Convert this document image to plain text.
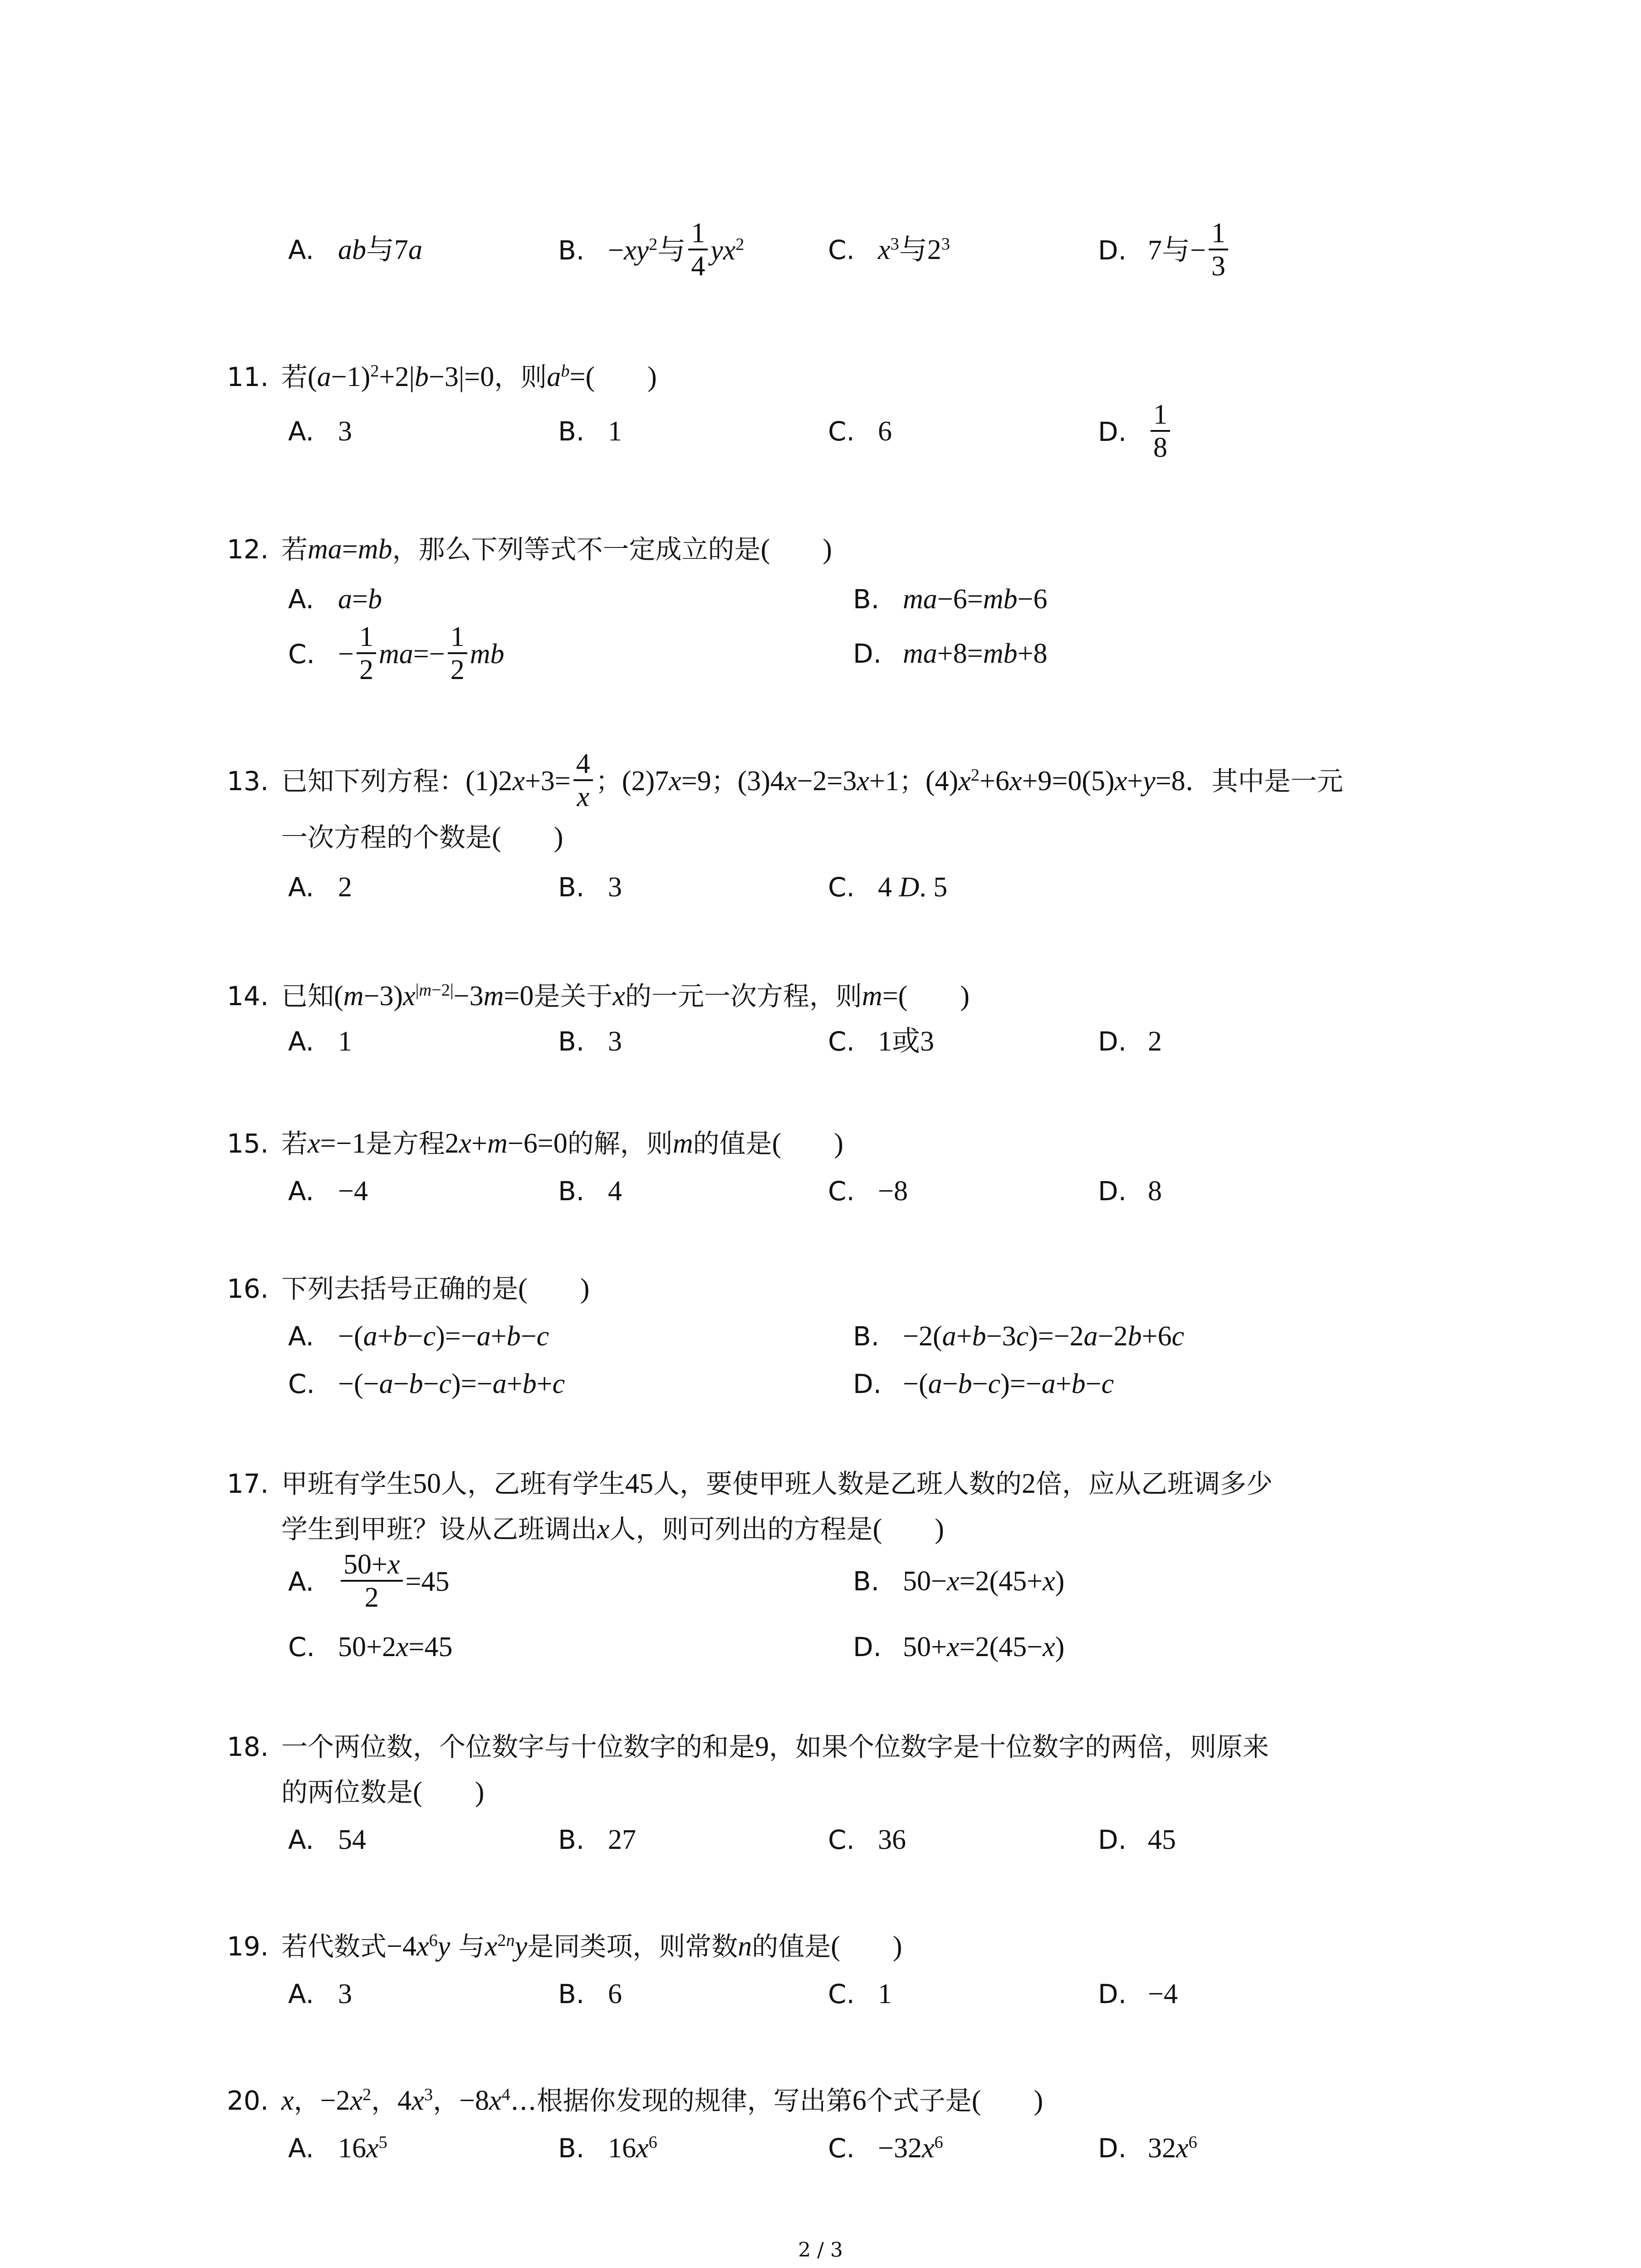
A. ab与7a	B. $-xy^2$与 $\frac{1}{4} yx^2$	C. $x^3$与$2^3$	D. 7与− $\frac{1}{3}$
11. 若$(a-1)^2+2|b-3|=0$，则$a^b=$(　　 )
A. 3	B. 1	C. 6	D. $\frac{1}{8}$
12. 若ma=mb，那么下列等式不一定成立的是(　　 )
A. a=b	B. ma−6=mb−6
C. − $\frac{1}{2} ma=- \frac{1}{2}$ mb	D. ma+8=mb+8
13. 已知下列方程：$(1)2x+3= \frac{4}{x}$ ；(2)7x=9；(3)4x−2=3x+1；$(4)x^2+6x+9=0(5)x+y=8$．其中是一元
一次方程的个数是(　　 )
A. 2	B. 3	C. 4 D. 5
14. 已知$(m-3)x^{|m-2|}-3m=0$是关于x的一元一次方程，则m=(　　 )
A. 1	B. 3	C. 1或3	D. 2
15. 若x=−1是方程2x+m−6=0的解，则m的值是(　　 )
A. −4	B. 4	C. −8	D. 8
16. 下列去括号正确的是(　　 )
A. −(a+b−c)=−a+b−c	B. −2(a+b−3c)=−2a−2b+6c
C. −(−a−b−c)=−a+b+c	D. −(a−b−c)=−a+b−c
17. 甲班有学生50人，乙班有学生45人，要使甲班人数是乙班人数的2倍，应从乙班调多少
学生到甲班？设从乙班调出x人，则可列出的方程是(　　 )
A. $\frac{50+x}{2} =45$	B. 50−x=2(45+x)
C. 50+2x=45	D. 50+x=2(45−x)
18. 一个两位数，个位数字与十位数字的和是9，如果个位数字是十位数字的两倍，则原来
的两位数是(　　 )
A. 54	B. 27	C. 36	D. 45
19. 若代数式$-4x^6y$ 与$x^{2n}y$是同类项，则常数n的值是(　　 )
A. 3	B. 6	C. 1	D. −4
20. x，$-2x^2$，$4x^3$，$-8x^4\dots$根据你发现的规律，写出第6个式子是(　　 )
A. $16x^5$	B. $16x^6$	C. $-32x^6$	D. $32x^6$
2 / 3
